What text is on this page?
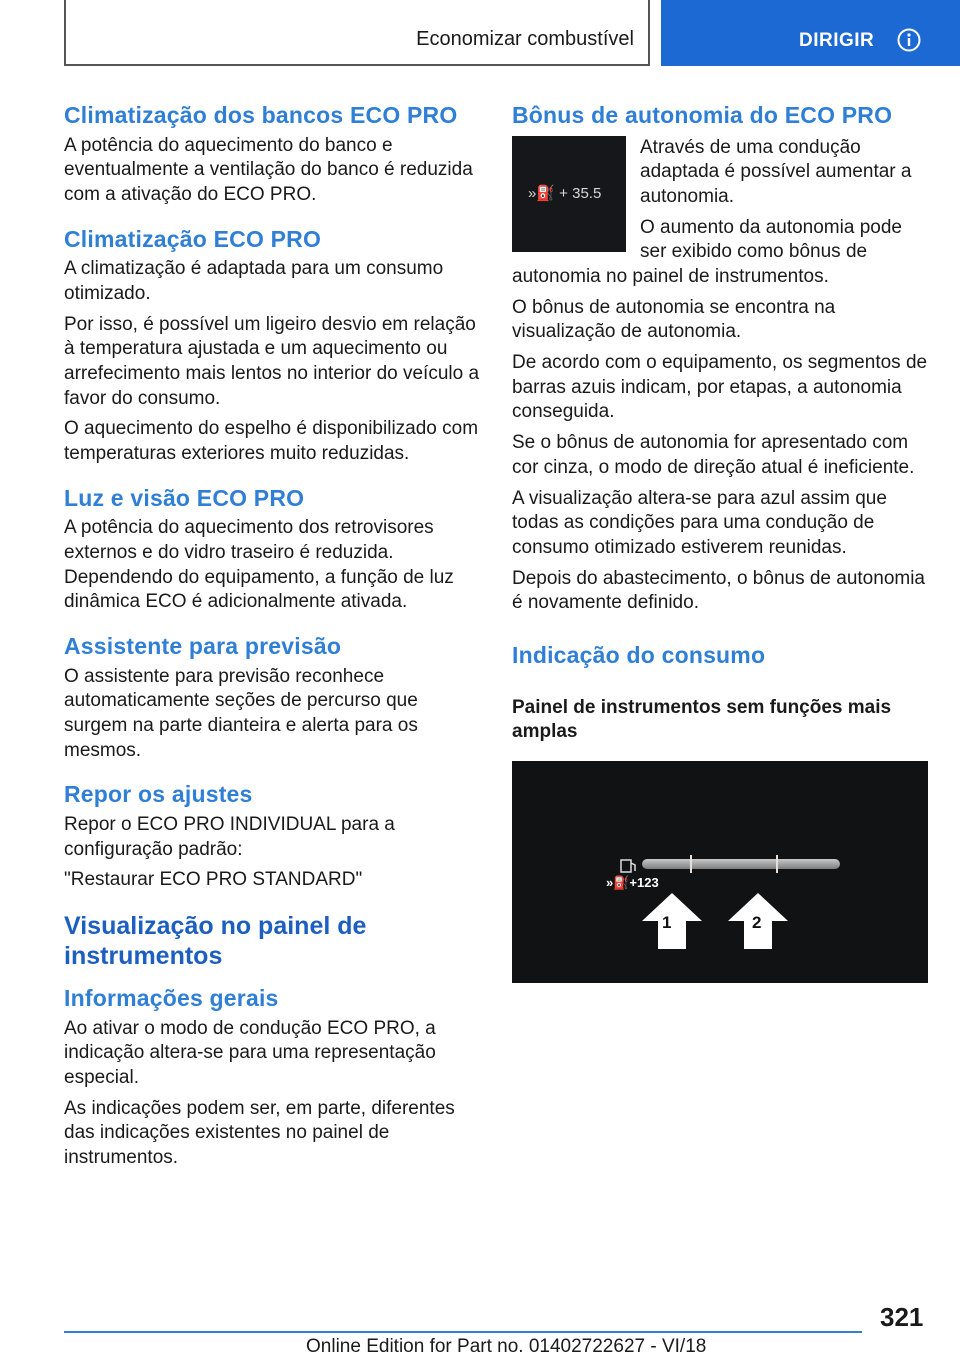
Economizar combustível	DIRIGIR
Climatização dos bancos ECO PRO

A potência do aquecimento do banco e eventualmente a ventilação do banco é reduzida com a ativação do ECO PRO.

Climatização ECO PRO

A climatização é adaptada para um consumo otimizado.

Por isso, é possível um ligeiro desvio em relação à temperatura ajustada e um aquecimento ou arrefecimento mais lentos no interior do veículo a favor do consumo.

O aquecimento do espelho é disponibilizado com temperaturas exteriores muito reduzidas.

Luz e visão ECO PRO

A potência do aquecimento dos retrovisores externos e do vidro traseiro é reduzida. Dependendo do equipamento, a função de luz dinâmica ECO é adicionalmente ativada.

Assistente para previsão

O assistente para previsão reconhece automaticamente seções de percurso que surgem na parte dianteira e alerta para os mesmos.

Repor os ajustes

Repor o ECO PRO INDIVIDUAL para a configuração padrão:

"Restaurar ECO PRO STANDARD"

Visualização no painel de instrumentos
Informações gerais

Ao ativar o modo de condução ECO PRO, a indicação altera-se para uma representação especial.

As indicações podem ser, em parte, diferentes das indicações existentes no painel de instrumentos.

Bônus de autonomia do ECO PRO
»⛽ + 35.5

Através de uma condução adaptada é possível aumentar a autonomia.

O aumento da autonomia pode ser exibido como bônus de autonomia no painel de instrumentos.

O bônus de autonomia se encontra na visualização de autonomia.

De acordo com o equipamento, os segmentos de barras azuis indicam, por etapas, a autonomia conseguida.

Se o bônus de autonomia for apresentado com cor cinza, o modo de direção atual é ineficiente.

A visualização altera-se para azul assim que todas as condições para uma condução de consumo otimizado estiverem reunidas.

Depois do abastecimento, o bônus de autonomia é novamente definido.

Indicação do consumo
Painel de instrumentos sem funções mais amplas
»⛽+123
1	2
321
Online Edition for Part no. 01402722627 - VI/18
